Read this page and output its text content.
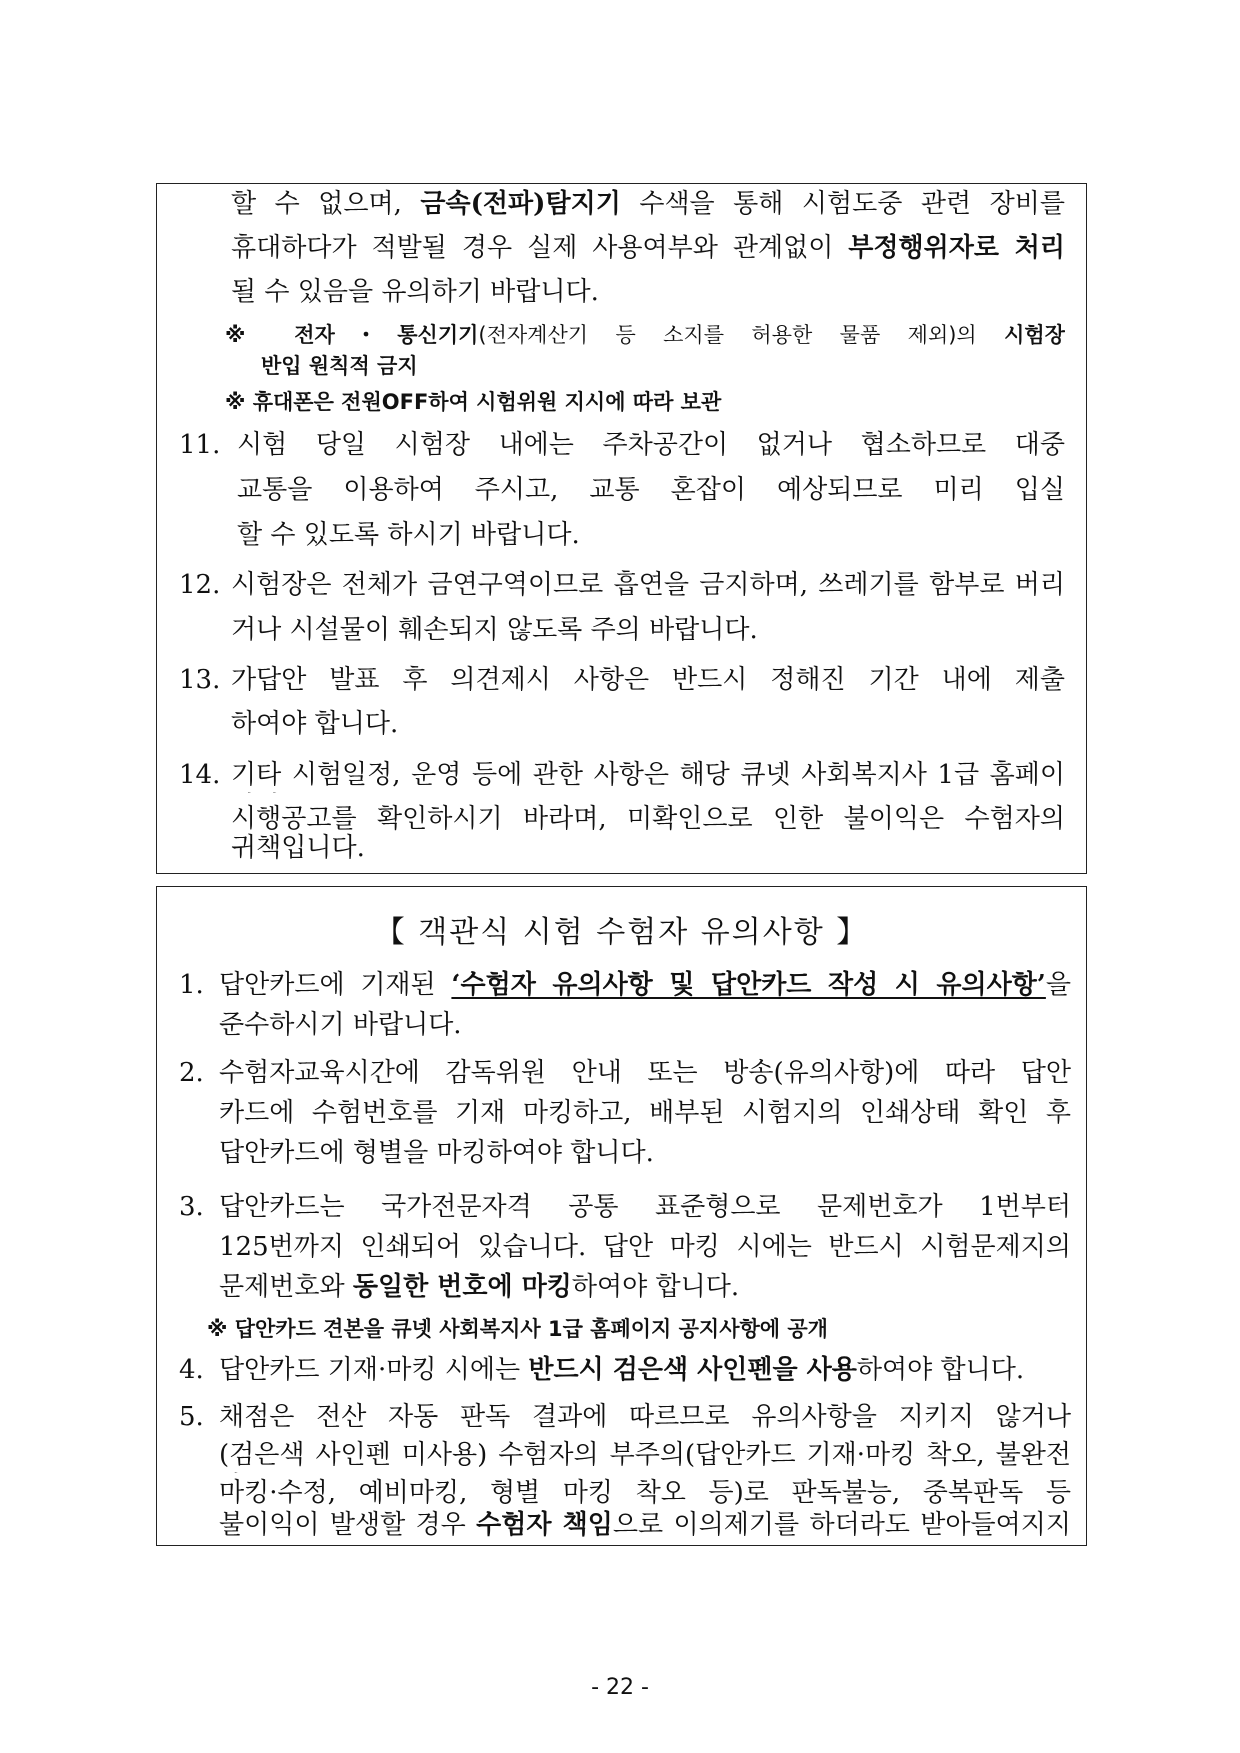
할 수 없으며, 금속(전파)탐지기 수색을 통해 시험도중 관련 장비를
휴대하다가 적발될 경우 실제 사용여부와 관계없이 부정행위자로 처리
될 수 있음을 유의하기 바랍니다.
※ 전자・통신기기(전자계산기 등 소지를 허용한 물품 제외)의 시험장
반입 원칙적 금지
※ 휴대폰은 전원OFF하여 시험위원 지시에 따라 보관
11. 시험 당일 시험장 내에는 주차공간이 없거나 협소하므로 대중
교통을 이용하여 주시고, 교통 혼잡이 예상되므로 미리 입실
할 수 있도록 하시기 바랍니다.
12. 시험장은 전체가 금연구역이므로 흡연을 금지하며, 쓰레기를 함부로 버리
거나 시설물이 훼손되지 않도록 주의 바랍니다.
13. 가답안 발표 후 의견제시 사항은 반드시 정해진 기간 내에 제출
하여야 합니다.
14. 기타 시험일정, 운영 등에 관한 사항은 해당 큐넷 사회복지사 1급 홈페이
시행공고를 확인하시기 바라며, 미확인으로 인한 불이익은 수험자의
귀책입니다.
【 객관식 시험 수험자 유의사항 】
1. 답안카드에 기재된 ‘수험자 유의사항 및 답안카드 작성 시 유의사항’을
준수하시기 바랍니다.
2. 수험자교육시간에 감독위원 안내 또는 방송(유의사항)에 따라 답안
카드에 수험번호를 기재 마킹하고, 배부된 시험지의 인쇄상태 확인 후
답안카드에 형별을 마킹하여야 합니다.
3. 답안카드는 국가전문자격 공통 표준형으로 문제번호가 1번부터
125번까지 인쇄되어 있습니다. 답안 마킹 시에는 반드시 시험문제지의
문제번호와 동일한 번호에 마킹하여야 합니다.
※ 답안카드 견본을 큐넷 사회복지사 1급 홈페이지 공지사항에 공개
4. 답안카드 기재·마킹 시에는 반드시 검은색 사인펜을 사용하여야 합니다.
5. 채점은 전산 자동 판독 결과에 따르므로 유의사항을 지키지 않거나
(검은색 사인펜 미사용) 수험자의 부주의(답안카드 기재·마킹 착오, 불완전
마킹·수정, 예비마킹, 형별 마킹 착오 등)로 판독불능, 중복판독 등
불이익이 발생할 경우 수험자 책임으로 이의제기를 하더라도 받아들여지지
- 22 -
